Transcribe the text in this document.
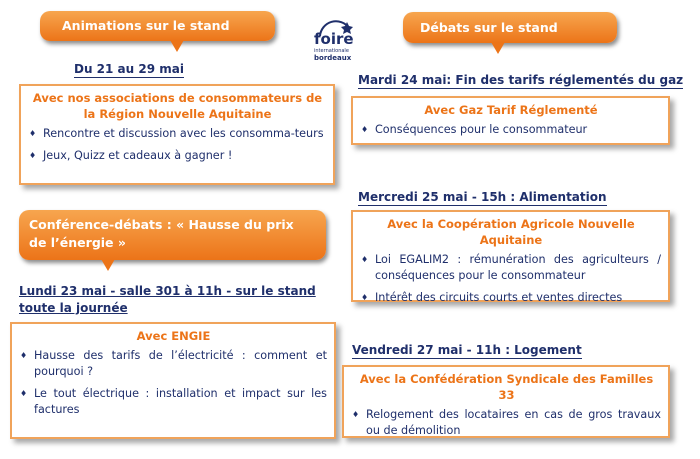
Animations sur le stand
Du 21 au 29 mai
Avec nos associations de consommateurs de la Région Nouvelle Aquitaine
♦ Rencontre et discussion avec les consomma-teurs
♦ Jeux, Quizz et cadeaux à gagner !
Conférence-débats : « Hausse du prix
de l’énergie »
Lundi 23 mai - salle 301 à 11h - sur le stand toute la journée
Avec ENGIE
♦ Hausse des tarifs de l’électricité : comment et pourquoi ?
♦ Le tout électrique : installation et impact sur les factures
foire
internationale
bordeaux
Débats sur le stand
Mardi 24 mai: Fin des tarifs réglementés du gaz
Avec Gaz Tarif Réglementé
♦ Conséquences pour le consommateur
Mercredi 25 mai - 15h : Alimentation
Avec la Coopération Agricole Nouvelle Aquitaine
♦ Loi EGALIM2 : rémunération des agriculteurs / conséquences pour le consommateur
♦ Intérêt des circuits courts et ventes directes
Vendredi 27 mai - 11h : Logement
Avec la Confédération Syndicale des Familles 33
♦ Relogement des locataires en cas de gros travaux ou de démolition
